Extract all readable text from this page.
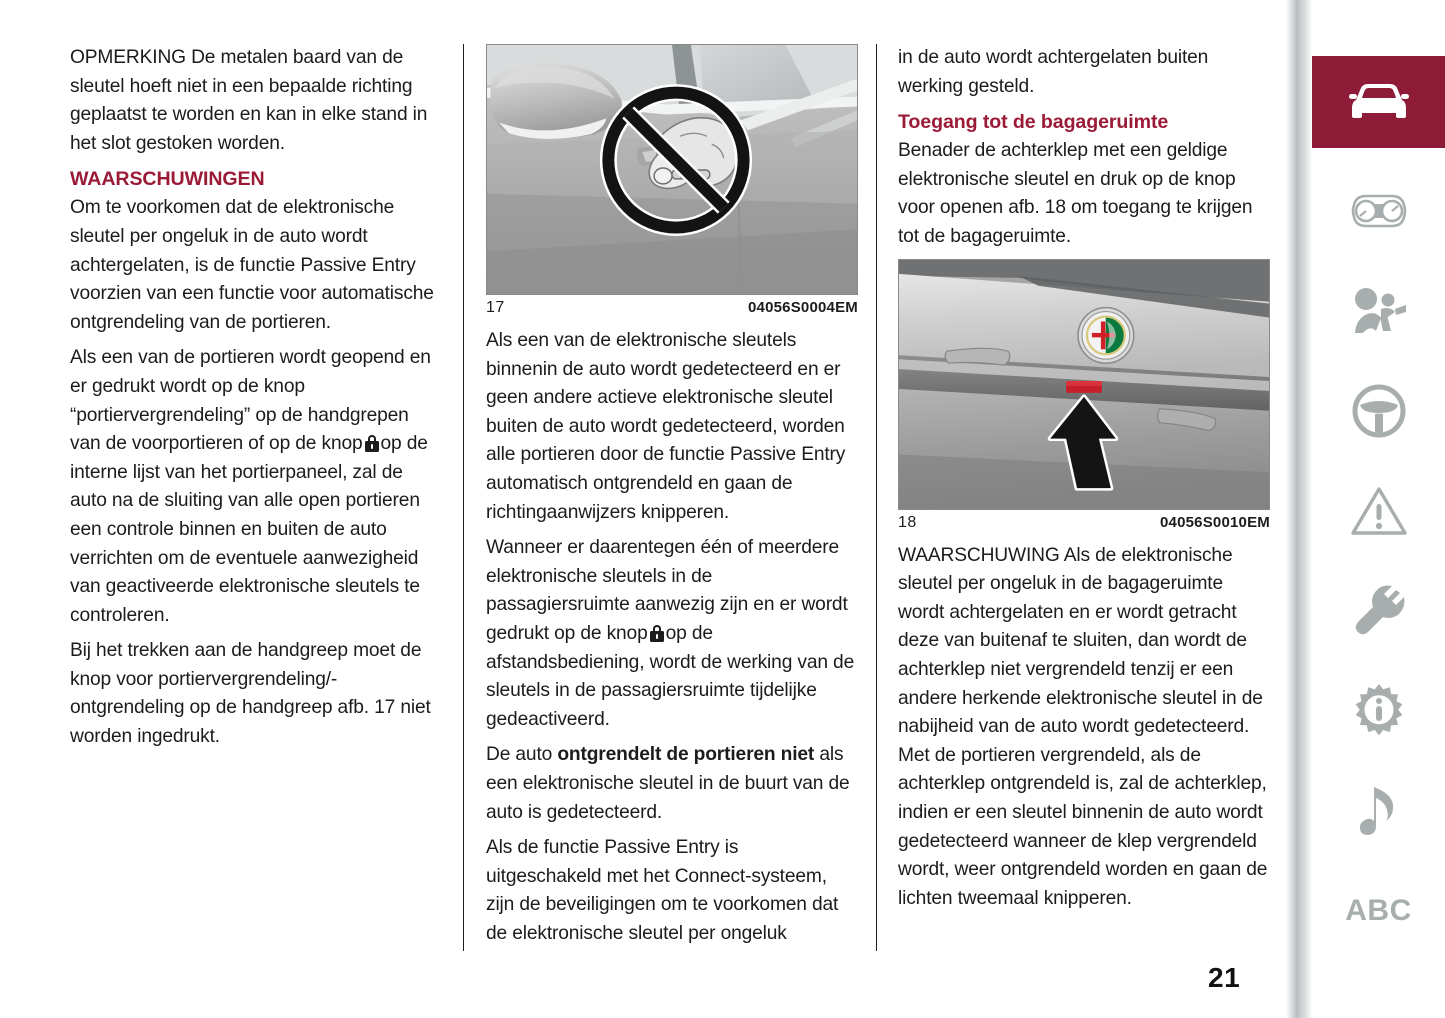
OPMERKING De metalen baard van de sleutel hoeft niet in een bepaalde richting geplaatst te worden en kan in elke stand in het slot gestoken worden.

WAARSCHUWINGEN

Om te voorkomen dat de elektronische sleutel per ongeluk in de auto wordt achtergelaten, is de functie Passive Entry voorzien van een functie voor automatische ontgrendeling van de portieren.

Als een van de portieren wordt geopend en er gedrukt wordt op de knop “portiervergrendeling” op de handgrepen van de voorportieren of op de knop op de interne lijst van het portierpaneel, zal de auto na de sluiting van alle open portieren een controle binnen en buiten de auto verrichten om de eventuele aanwezigheid van geactiveerde elektronische sleutels te controleren.

Bij het trekken aan de handgreep moet de knop voor portiervergrendeling/-ontgrendeling op de handgreep afb. 17 niet worden ingedrukt.

17	04056S0004EM

Als een van de elektronische sleutels binnenin de auto wordt gedetecteerd en er geen andere actieve elektronische sleutel buiten de auto wordt gedetecteerd, worden alle portieren door de functie Passive Entry automatisch ontgrendeld en gaan de richtingaanwijzers knipperen.

Wanneer er daarentegen één of meerdere elektronische sleutels in de passagiersruimte aanwezig zijn en er wordt gedrukt op de knop op de afstandsbediening, wordt de werking van de sleutels in de passagiersruimte tijdelijke gedeactiveerd.

De auto ontgrendelt de portieren niet als een elektronische sleutel in de buurt van de auto is gedetecteerd.

Als de functie Passive Entry is uitgeschakeld met het Connect-systeem, zijn de beveiligingen om te voorkomen dat de elektronische sleutel per ongeluk

in de auto wordt achtergelaten buiten werking gesteld.

Toegang tot de bagageruimte

Benader de achterklep met een geldige elektronische sleutel en druk op de knop voor openen afb. 18 om toegang te krijgen tot de bagageruimte.

18	04056S0010EM

WAARSCHUWING Als de elektronische sleutel per ongeluk in de bagageruimte wordt achtergelaten en er wordt getracht deze van buitenaf te sluiten, dan wordt de achterklep niet vergrendeld tenzij er een andere herkende elektronische sleutel in de nabijheid van de auto wordt gedetecteerd. Met de portieren vergrendeld, als de achterklep ontgrendeld is, zal de achterklep, indien er een sleutel binnenin de auto wordt gedetecteerd wanneer de klep vergrendeld wordt, weer ontgrendeld worden en gaan de lichten tweemaal knipperen.	ABC
21
